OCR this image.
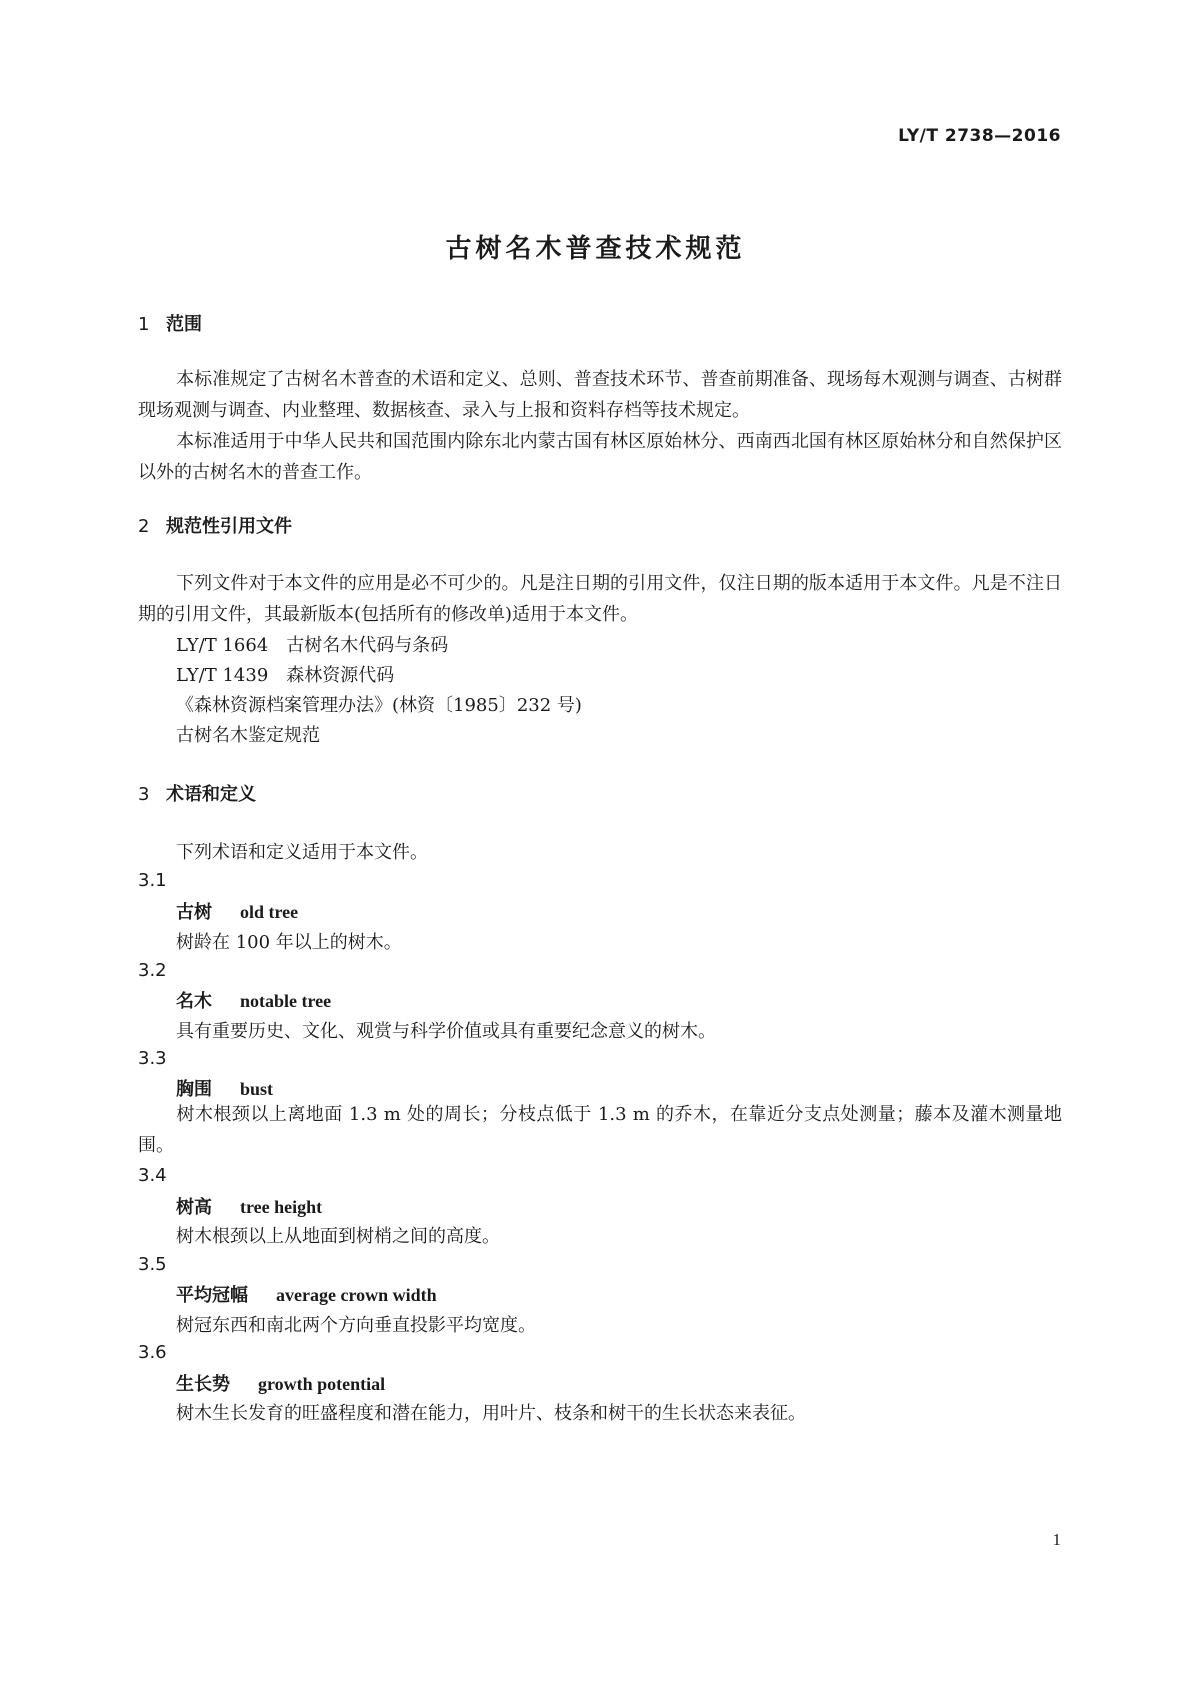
LY/T 2738—2016
古树名木普查技术规范
1 范围
本标准规定了古树名木普查的术语和定义、总则、普查技术环节、普查前期准备、现场每木观测与调查、古树群现场观测与调查、内业整理、数据核查、录入与上报和资料存档等技术规定。
本标准适用于中华人民共和国范围内除东北内蒙古国有林区原始林分、西南西北国有林区原始林分和自然保护区以外的古树名木的普查工作。
2 规范性引用文件
下列文件对于本文件的应用是必不可少的。凡是注日期的引用文件，仅注日期的版本适用于本文件。凡是不注日期的引用文件，其最新版本(包括所有的修改单)适用于本文件。
LY/T 1664　古树名木代码与条码
LY/T 1439　森林资源代码
《森林资源档案管理办法》(林资〔1985〕232 号)
古树名木鉴定规范
3 术语和定义
下列术语和定义适用于本文件。
3.1
古树 old tree
树龄在 100 年以上的树木。
3.2
名木 notable tree
具有重要历史、文化、观赏与科学价值或具有重要纪念意义的树木。
3.3
胸围 bust
树木根颈以上离地面 1.3 m 处的周长；分枝点低于 1.3 m 的乔木，在靠近分支点处测量；藤本及灌木测量地围。
3.4
树高 tree height
树木根颈以上从地面到树梢之间的高度。
3.5
平均冠幅 average crown width
树冠东西和南北两个方向垂直投影平均宽度。
3.6
生长势 growth potential
树木生长发育的旺盛程度和潜在能力，用叶片、枝条和树干的生长状态来表征。
1
